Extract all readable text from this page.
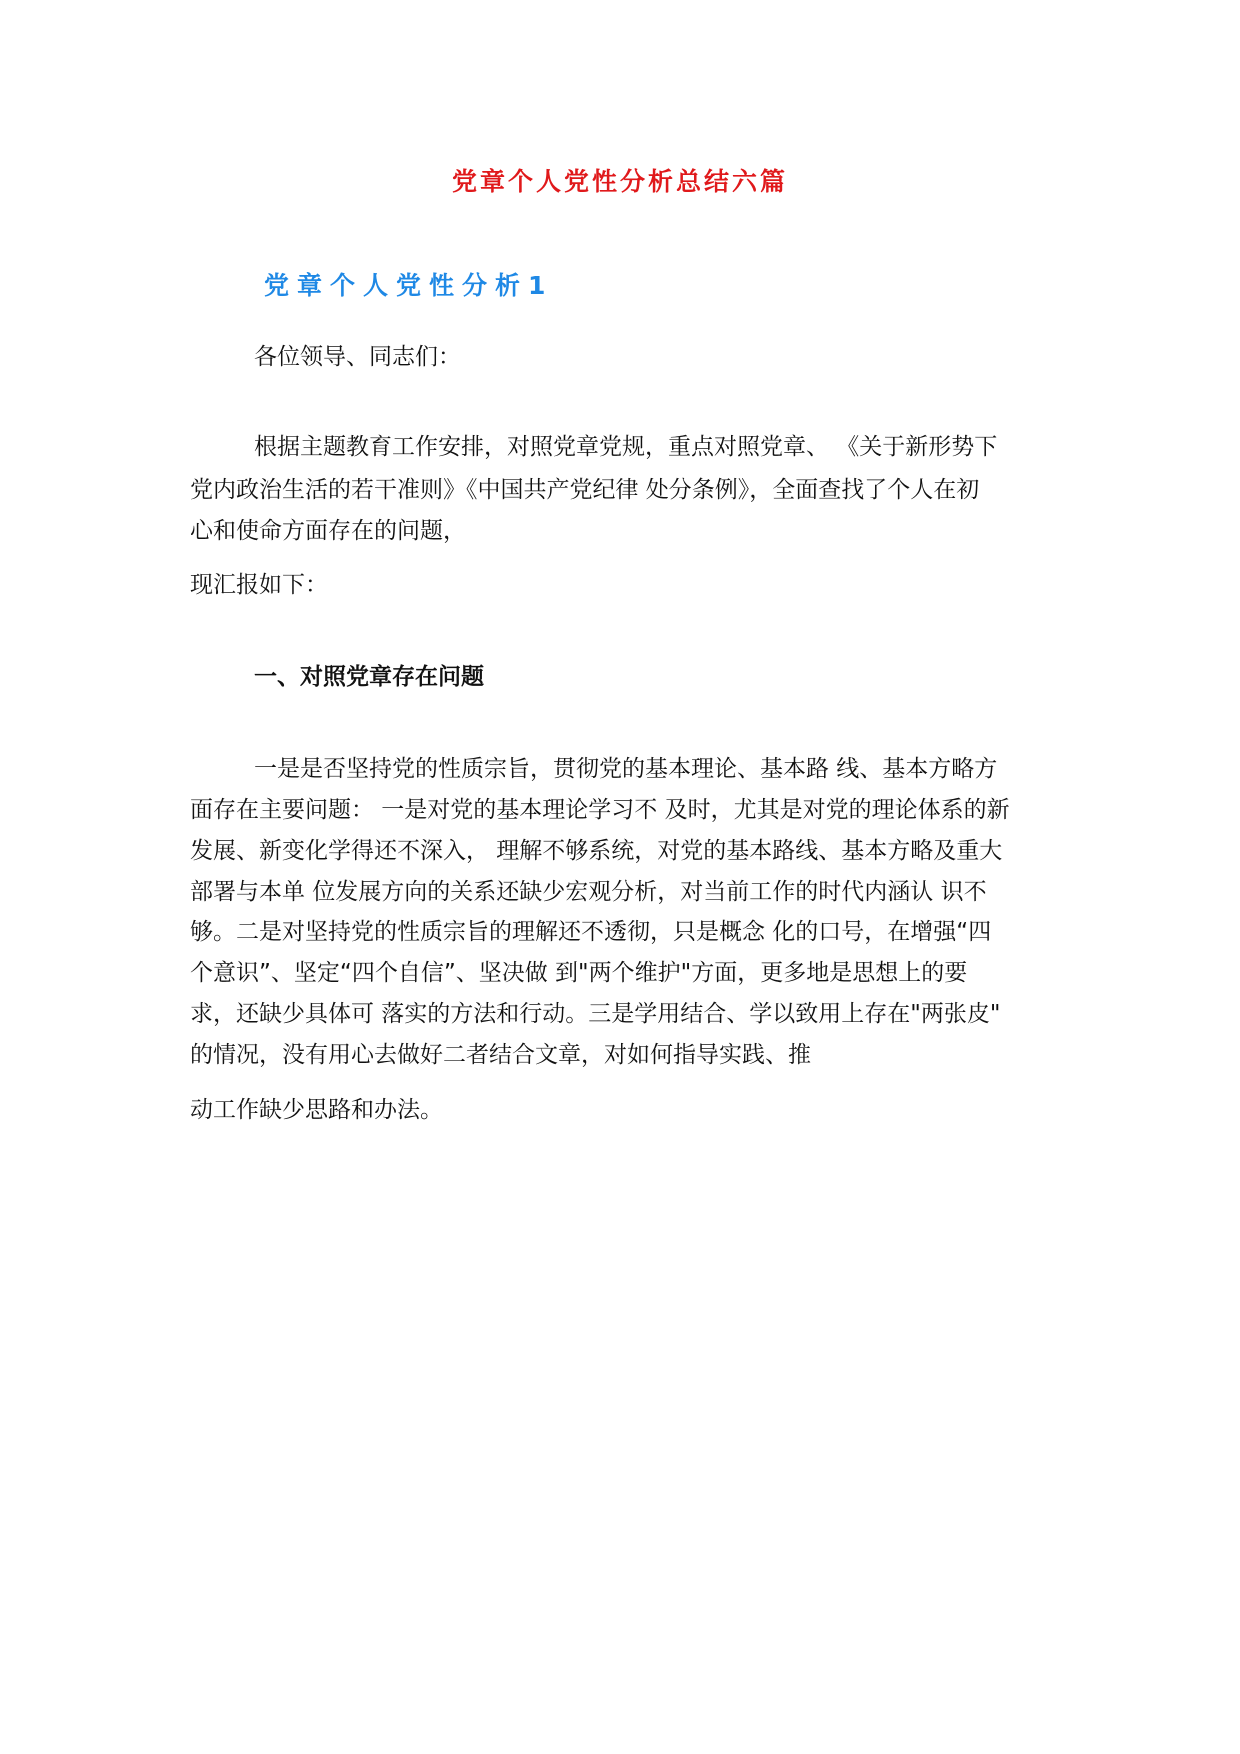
党章个人党性分析总结六篇
党章个人党性分析1

各位领导、同志们：

根据主题教育工作安排，对照党章党规，重点对照党章、 《关于新形势下

党内政治生活的若干准则》《中国共产党纪律 处分条例》，全面查找了个人在初

心和使命方面存在的问题，

现汇报如下：

一、对照党章存在问题

一是是否坚持党的性质宗旨，贯彻党的基本理论、基本路 线、基本方略方

面存在主要问题： 一是对党的基本理论学习不 及时，尤其是对党的理论体系的新

发展、新变化学得还不深入， 理解不够系统，对党的基本路线、基本方略及重大

部署与本单 位发展方向的关系还缺少宏观分析，对当前工作的时代内涵认 识不

够。二是对坚持党的性质宗旨的理解还不透彻，只是概念 化的口号，在增强“四

个意识”、坚定“四个自信”、坚决做 到"两个维护"方面，更多地是思想上的要

求，还缺少具体可 落实的方法和行动。三是学用结合、学以致用上存在"两张皮"

的情况，没有用心去做好二者结合文章，对如何指导实践、推

动工作缺少思路和办法。
